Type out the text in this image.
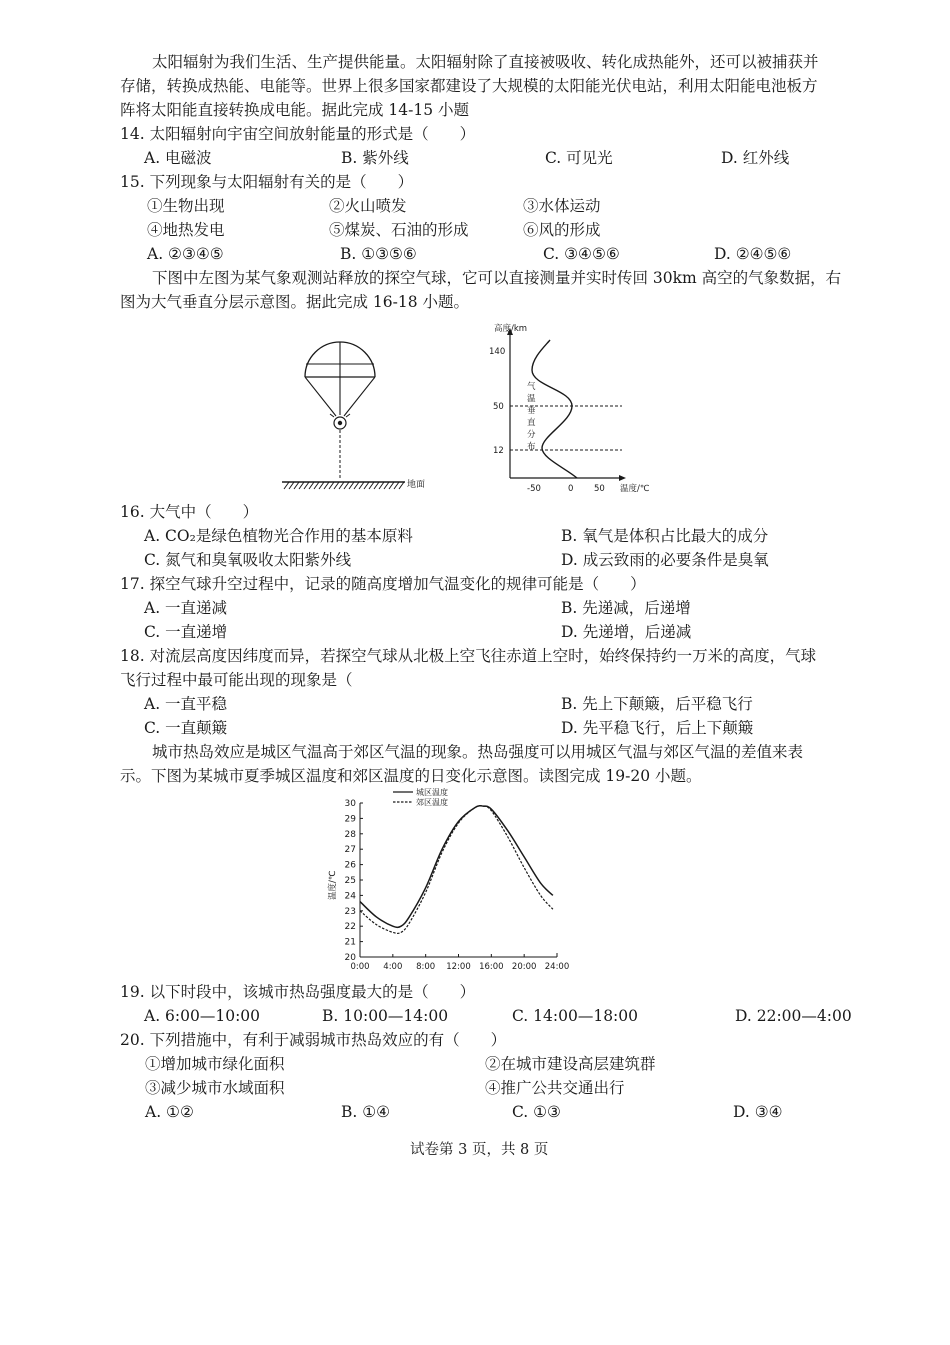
太阳辐射为我们生活、生产提供能量。太阳辐射除了直接被吸收、转化成热能外，还可以被捕获并
存储，转换成热能、电能等。世界上很多国家都建设了大规模的太阳能光伏电站，利用太阳能电池板方
阵将太阳能直接转换成电能。据此完成 14-15 小题
14. 太阳辐射向宇宙空间放射能量的形式是（　　）
A. 电磁波	B. 紫外线	C. 可见光	D. 红外线
15. 下列现象与太阳辐射有关的是（　　）
①生物出现	②火山喷发	③水体运动
④地热发电	⑤煤炭、石油的形成	⑥风的形成
A. ②③④⑤	B. ①③⑤⑥	C. ③④⑤⑥	D. ②④⑤⑥
下图中左图为某气象观测站释放的探空气球，它可以直接测量并实时传回 30km 高空的气象数据，右
图为大气垂直分层示意图。据此完成 16-18 小题。
地面
高度/km
140
50
12
气
温
垂
直
分
布
-50	0 50 温度/℃
16. 大气中（　　）
A. CO₂是绿色植物光合作用的基本原料	B. 氧气是体积占比最大的成分
C. 氮气和臭氧吸收太阳紫外线	D. 成云致雨的必要条件是臭氧
17. 探空气球升空过程中，记录的随高度增加气温变化的规律可能是（　　）
A. 一直递减	B. 先递减，后递增
C. 一直递增	D. 先递增，后递减
18. 对流层高度因纬度而异，若探空气球从北极上空飞往赤道上空时，始终保持约一万米的高度，气球
飞行过程中最可能出现的现象是（
A. 一直平稳	B. 先上下颠簸，后平稳飞行
C. 一直颠簸	D. 先平稳飞行，后上下颠簸
城市热岛效应是城区气温高于郊区气温的现象。热岛强度可以用城区气温与郊区气温的差值来表
示。下图为某城市夏季城区温度和郊区温度的日变化示意图。读图完成 19-20 小题。
温度/℃
20
21
22
23
24
25
26
27
28
29
30
0:00 4:00 8:00 12:00 16:00 20:00 24:00
城区温度
郊区温度
19. 以下时段中，该城市热岛强度最大的是（　　）
A. 6:00—10:00	B. 10:00—14:00	C. 14:00—18:00	D. 22:00—4:00
20. 下列措施中，有利于减弱城市热岛效应的有（　　）
①增加城市绿化面积	②在城市建设高层建筑群
③减少城市水域面积	④推广公共交通出行
A. ①②	B. ①④	C. ①③	D. ③④
试卷第 3 页，共 8 页
